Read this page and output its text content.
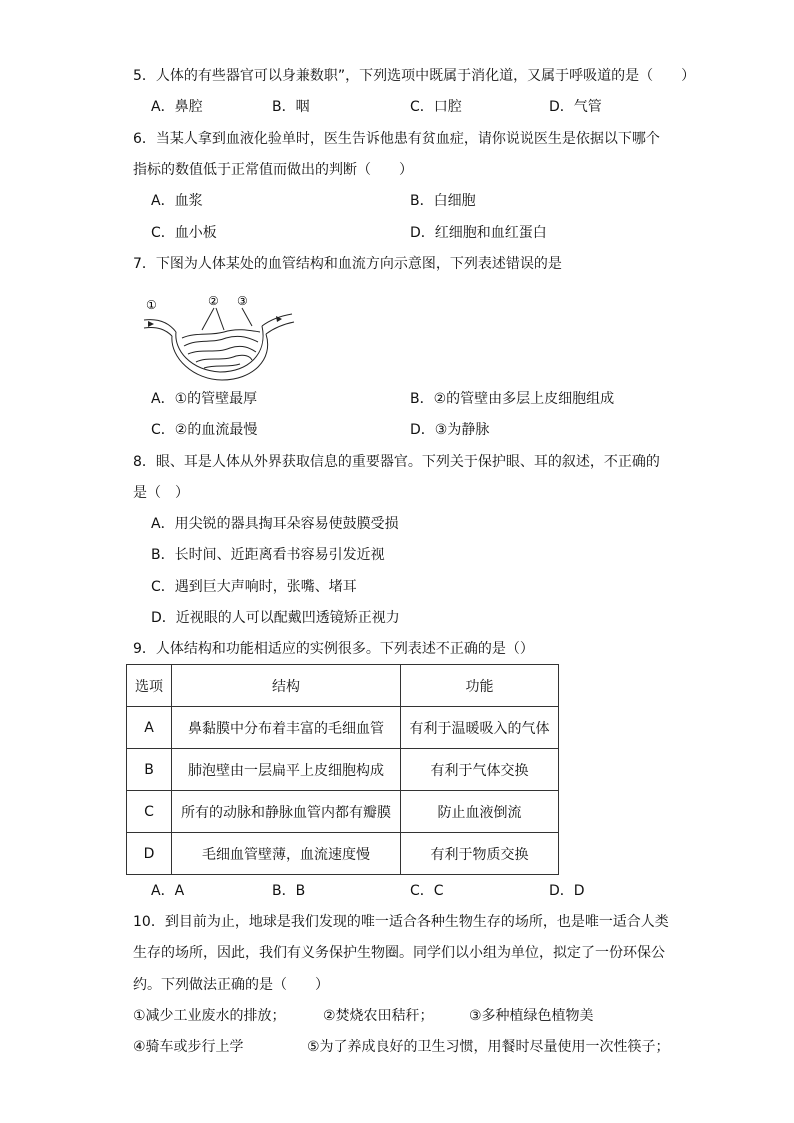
5．人体的有些器官可以身兼数职”，下列选项中既属于消化道，又属于呼吸道的是（　　）
A．鼻腔	B．咽	C．口腔	D．气管
6．当某人拿到血液化验单时，医生告诉他患有贫血症，请你说说医生是依据以下哪个
指标的数值低于正常值而做出的判断（　　）
A．血浆	B．白细胞
C．血小板	D．红细胞和血红蛋白
7．下图为人体某处的血管结构和血流方向示意图，下列表述错误的是
①	② ③
A．①的管壁最厚	B．②的管壁由多层上皮细胞组成
C．②的血流最慢	D．③为静脉
8．眼、耳是人体从外界获取信息的重要器官。下列关于保护眼、耳的叙述，不正确的
是（　）
A．用尖锐的器具掏耳朵容易使鼓膜受损
B．长时间、近距离看书容易引发近视
C．遇到巨大声响时，张嘴、堵耳
D．近视眼的人可以配戴凹透镜矫正视力
9．人体结构和功能相适应的实例很多。下列表述不正确的是（）
选项	结构	功能
A	鼻黏膜中分布着丰富的毛细血管	有利于温暖吸入的气体
B	肺泡壁由一层扁平上皮细胞构成	有利于气体交换
C	所有的动脉和静脉血管内都有瓣膜	防止血液倒流
D	毛细血管壁薄，血流速度慢	有利于物质交换
A．A	B．B	C．C	D．D
10．到目前为止，地球是我们发现的唯一适合各种生物生存的场所，也是唯一适合人类
生存的场所，因此，我们有义务保护生物圈。同学们以小组为单位，拟定了一份环保公
约。下列做法正确的是（　　）
①减少工业废水的排放；	②焚烧农田秸秆；	③多种植绿色植物美
④骑车或步行上学	⑤为了养成良好的卫生习惯，用餐时尽量使用一次性筷子；
